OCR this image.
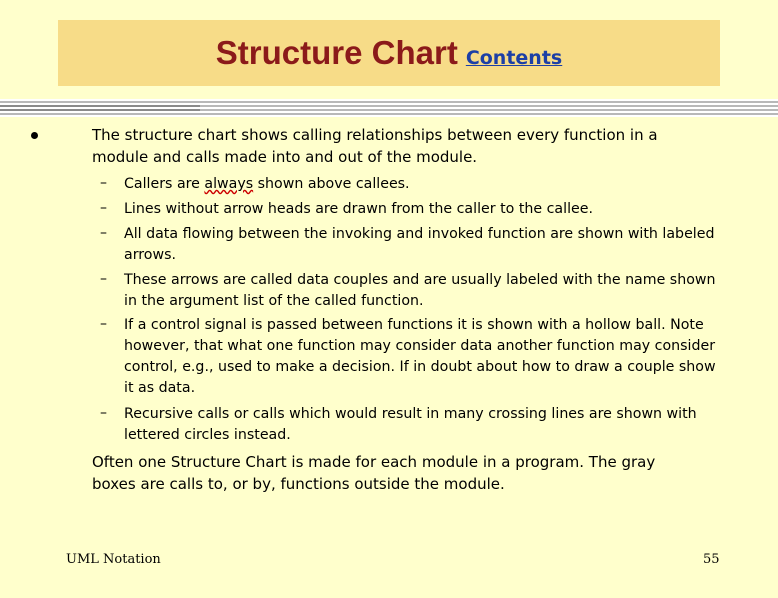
Structure Chart Contents
The structure chart shows calling relationships between every function in a module and calls made into and out of the module.
– Callers are always shown above callees.
– Lines without arrow heads are drawn from the caller to the callee.
– All data flowing between the invoking and invoked function are shown with labeled arrows.
– These arrows are called data couples and are usually labeled with the name shown in the argument list of the called function.
– If a control signal is passed between functions it is shown with a hollow ball. Note however, that what one function may consider data another function may consider control, e.g., used to make a decision. If in doubt about how to draw a couple show it as data.
– Recursive calls or calls which would result in many crossing lines are shown with lettered circles instead.
Often one Structure Chart is made for each module in a program. The gray boxes are calls to, or by, functions outside the module.
UML Notation	55
